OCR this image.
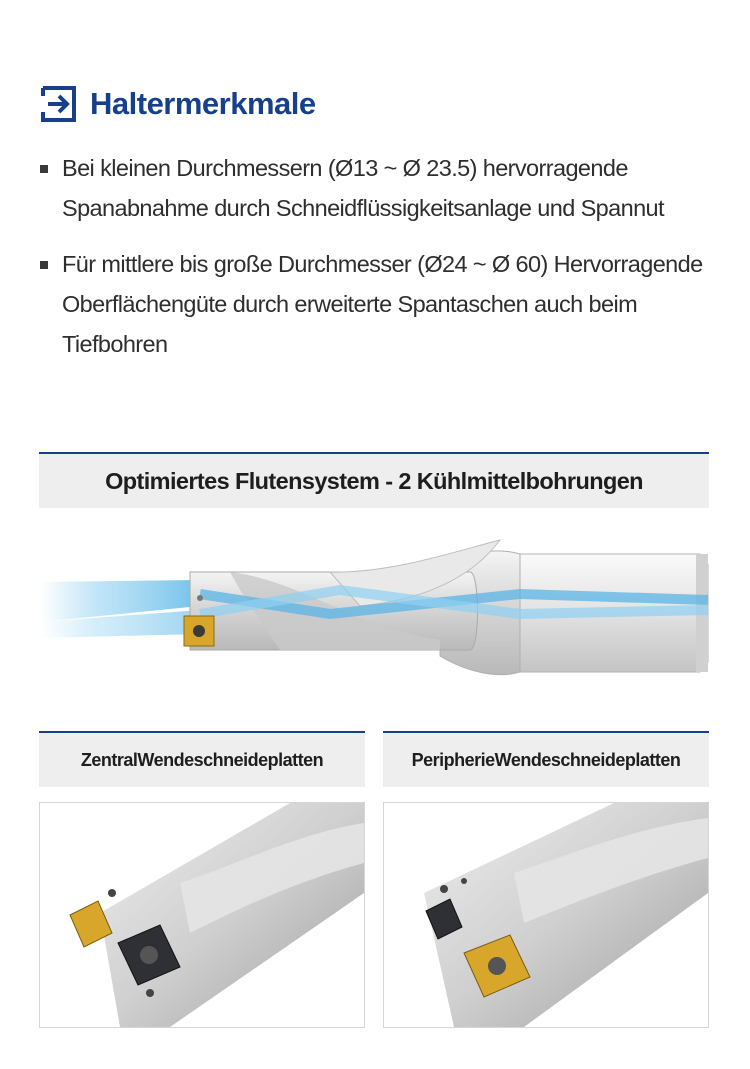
Haltermerkmale
Bei kleinen Durchmessern (Ø13 ~ Ø 23.5) hervorragende Spanabnahme durch Schneidflüssigkeitsanlage und Spannut
Für mittlere bis große Durchmesser (Ø24 ~ Ø 60) Hervorragende Oberflächengüte durch erweiterte Spantaschen auch beim Tiefbohren
Optimiertes Flutensystem - 2 Kühlmittelbohrungen
ZentralWendeschneideplatten	PeripherieWendeschneideplatten
